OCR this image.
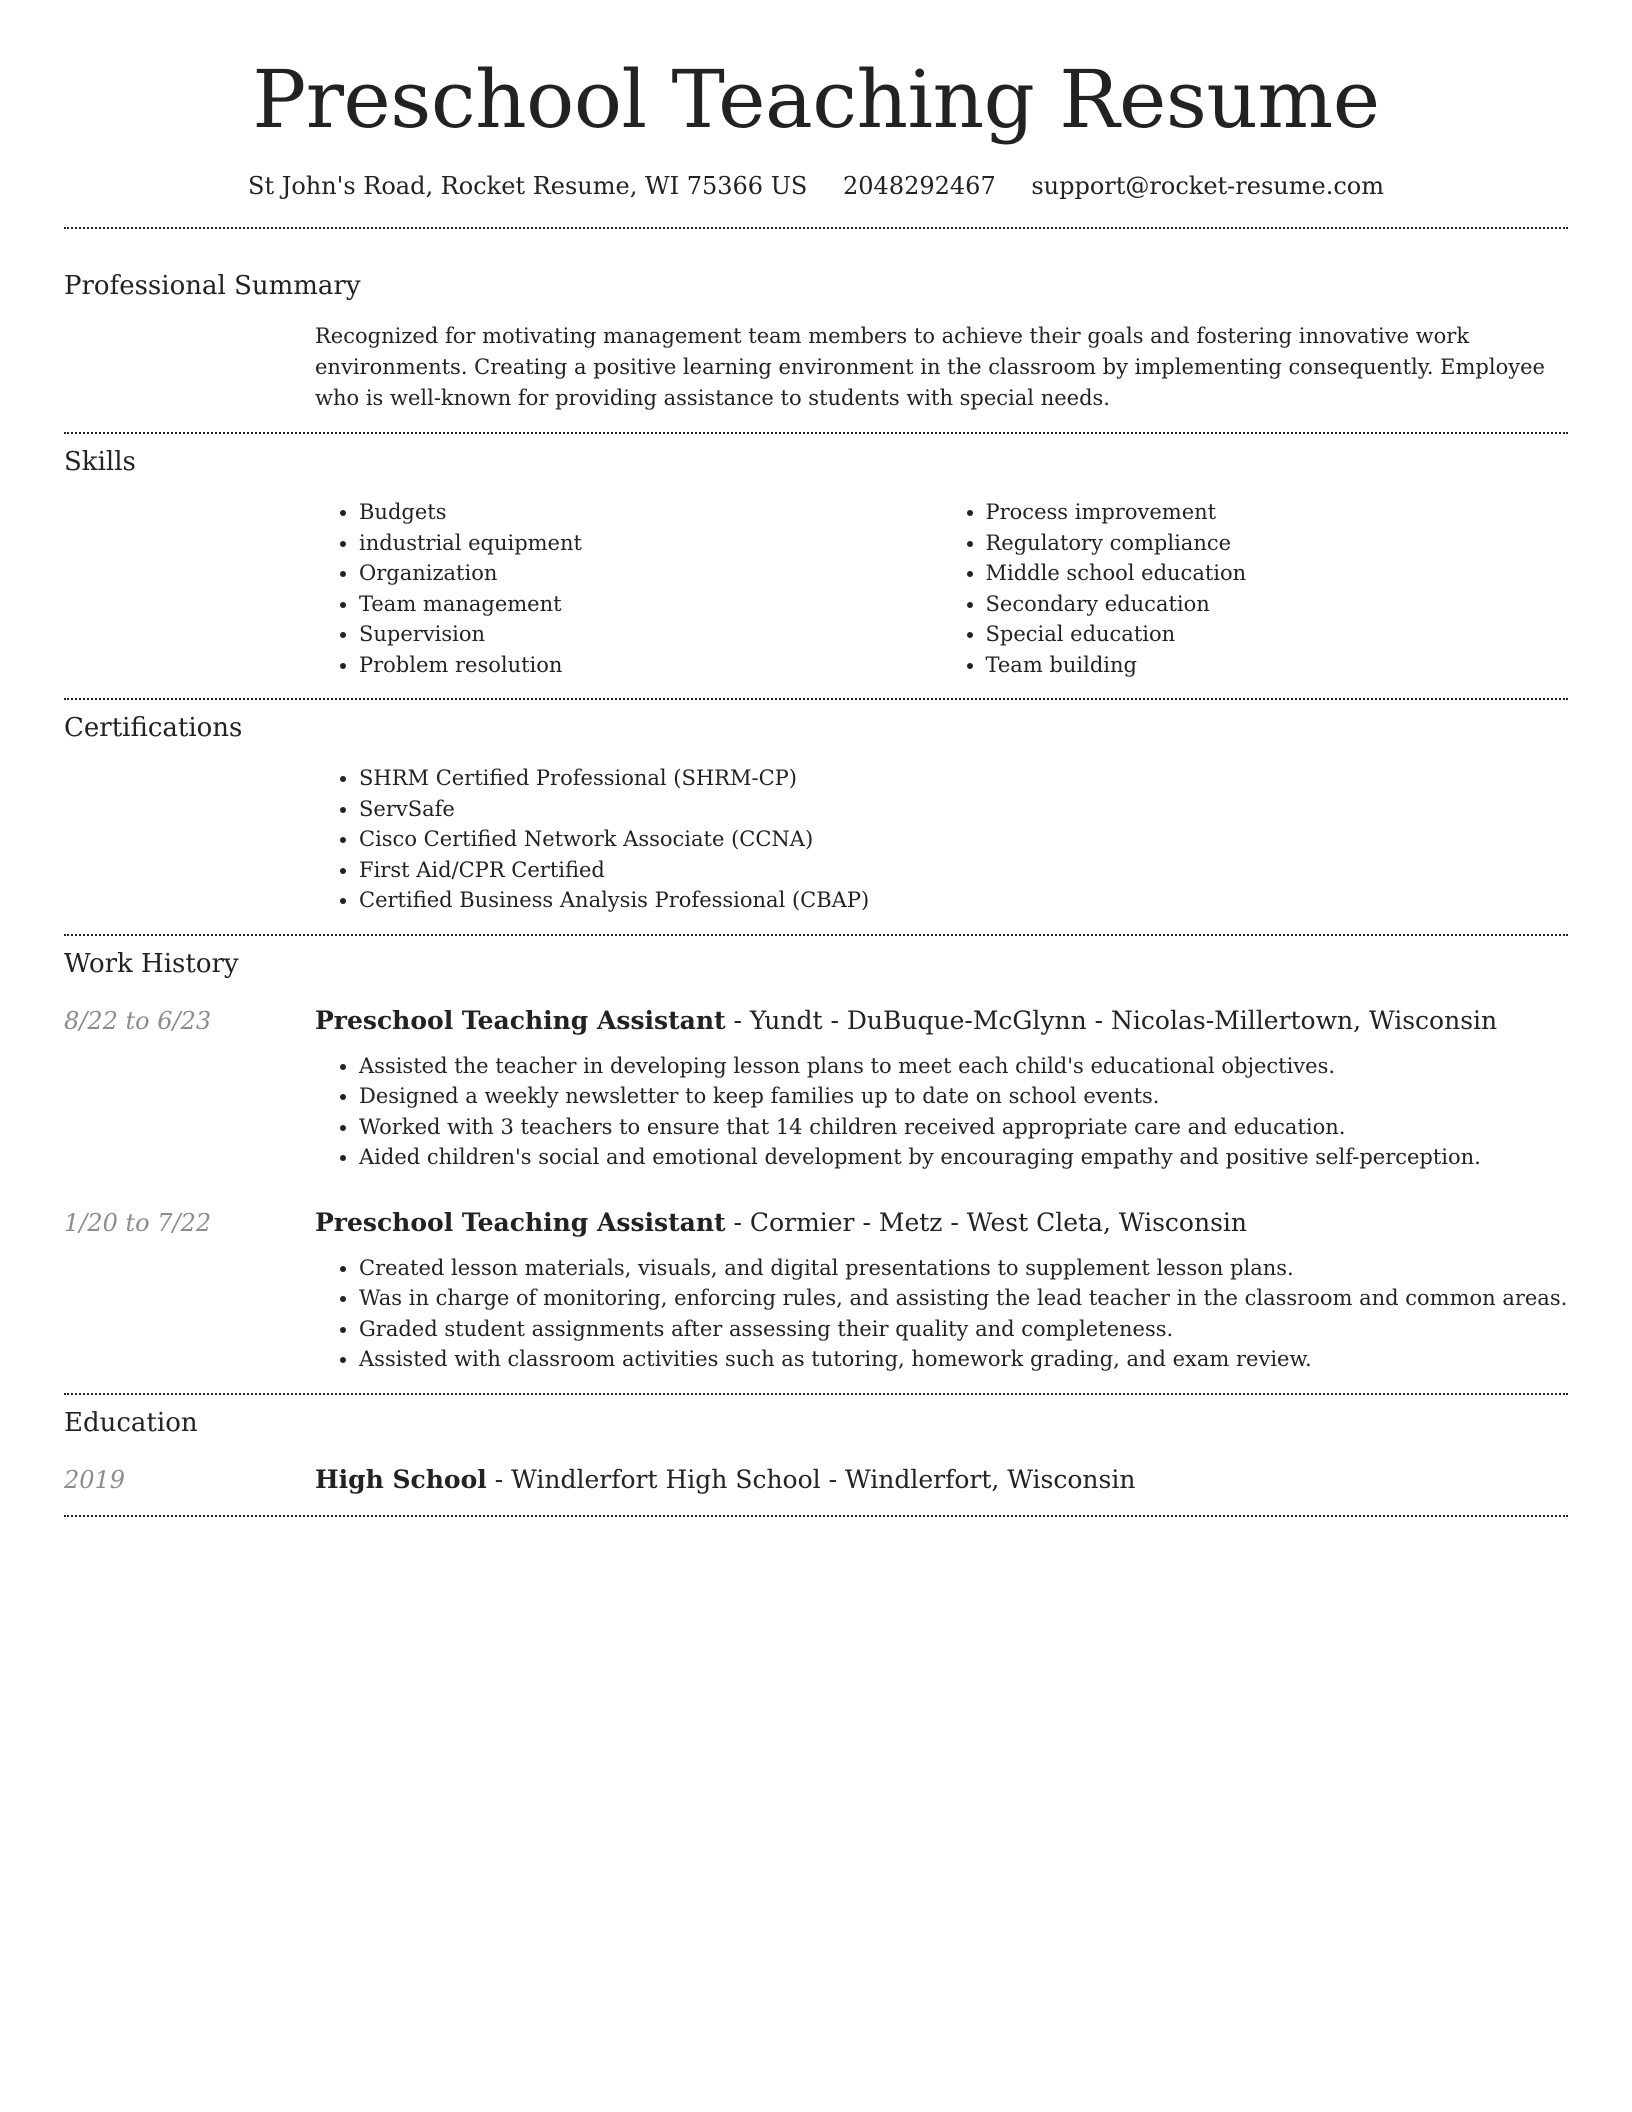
Preschool Teaching Resume
St John's Road, Rocket Resume, WI 75366 US 2048292467 support@rocket-resume.com
Professional Summary

Recognized for motivating management team members to achieve their goals and fostering innovative work environments. Creating a positive learning environment in the classroom by implementing consequently. Employee who is well-known for providing assistance to students with special needs.

Skills
• Budgets
• industrial equipment
• Organization
• Team management
• Supervision
• Problem resolution
• Process improvement
• Regulatory compliance
• Middle school education
• Secondary education
• Special education
• Team building
Certifications
• SHRM Certified Professional (SHRM-CP)
• ServSafe
• Cisco Certified Network Associate (CCNA)
• First Aid/CPR Certified
• Certified Business Analysis Professional (CBAP)
Work History
8/22 to 6/23	Preschool Teaching Assistant - Yundt - DuBuque-McGlynn - Nicolas-Millertown, Wisconsin
• Assisted the teacher in developing lesson plans to meet each child's educational objectives.
• Designed a weekly newsletter to keep families up to date on school events.
• Worked with 3 teachers to ensure that 14 children received appropriate care and education.
• Aided children's social and emotional development by encouraging empathy and positive self-perception.
1/20 to 7/22	Preschool Teaching Assistant - Cormier - Metz - West Cleta, Wisconsin
• Created lesson materials, visuals, and digital presentations to supplement lesson plans.
• Was in charge of monitoring, enforcing rules, and assisting the lead teacher in the classroom and common areas.
• Graded student assignments after assessing their quality and completeness.
• Assisted with classroom activities such as tutoring, homework grading, and exam review.
Education
2019	High School - Windlerfort High School - Windlerfort, Wisconsin
